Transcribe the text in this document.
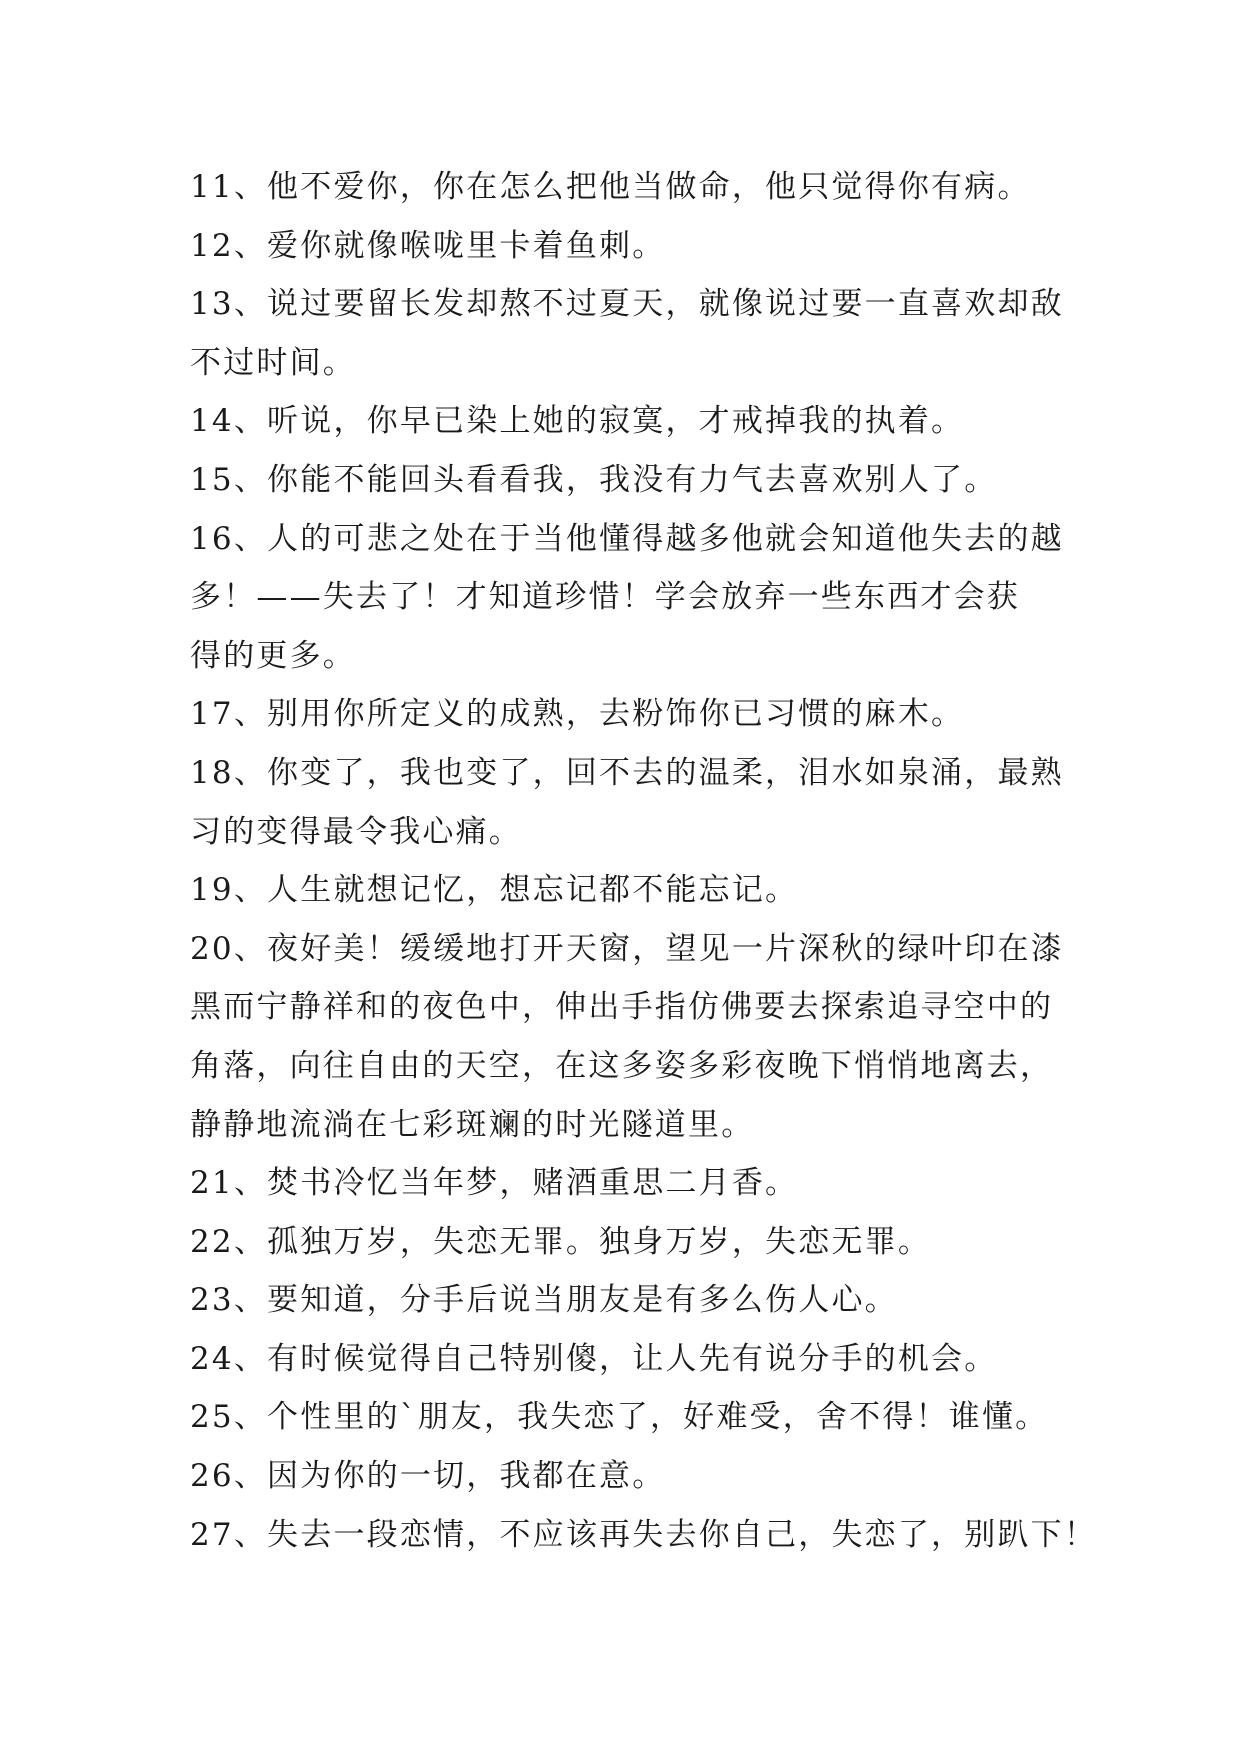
11、他不爱你，你在怎么把他当做命，他只觉得你有病。
12、爱你就像喉咙里卡着鱼刺。
13、说过要留长发却熬不过夏天，就像说过要一直喜欢却敌
不过时间。
14、听说，你早已染上她的寂寞，才戒掉我的执着。
15、你能不能回头看看我，我没有力气去喜欢别人了。
16、人的可悲之处在于当他懂得越多他就会知道他失去的越
多！——失去了！才知道珍惜！学会放弃一些东西才会获
得的更多。
17、别用你所定义的成熟，去粉饰你已习惯的麻木。
18、你变了，我也变了，回不去的温柔，泪水如泉涌，最熟
习的变得最令我心痛。
19、人生就想记忆，想忘记都不能忘记。
20、夜好美！缓缓地打开天窗，望见一片深秋的绿叶印在漆
黑而宁静祥和的夜色中，伸出手指仿佛要去探索追寻空中的
角落，向往自由的天空，在这多姿多彩夜晚下悄悄地离去，
静静地流淌在七彩斑斓的时光隧道里。
21、焚书冷忆当年梦，赌酒重思二月香。
22、孤独万岁，失恋无罪。独身万岁，失恋无罪。
23、要知道，分手后说当朋友是有多么伤人心。
24、有时候觉得自己特别傻，让人先有说分手的机会。
25、个性里的`朋友，我失恋了，好难受，舍不得！谁懂。
26、因为你的一切，我都在意。
27、失去一段恋情，不应该再失去你自己，失恋了，别趴下！
